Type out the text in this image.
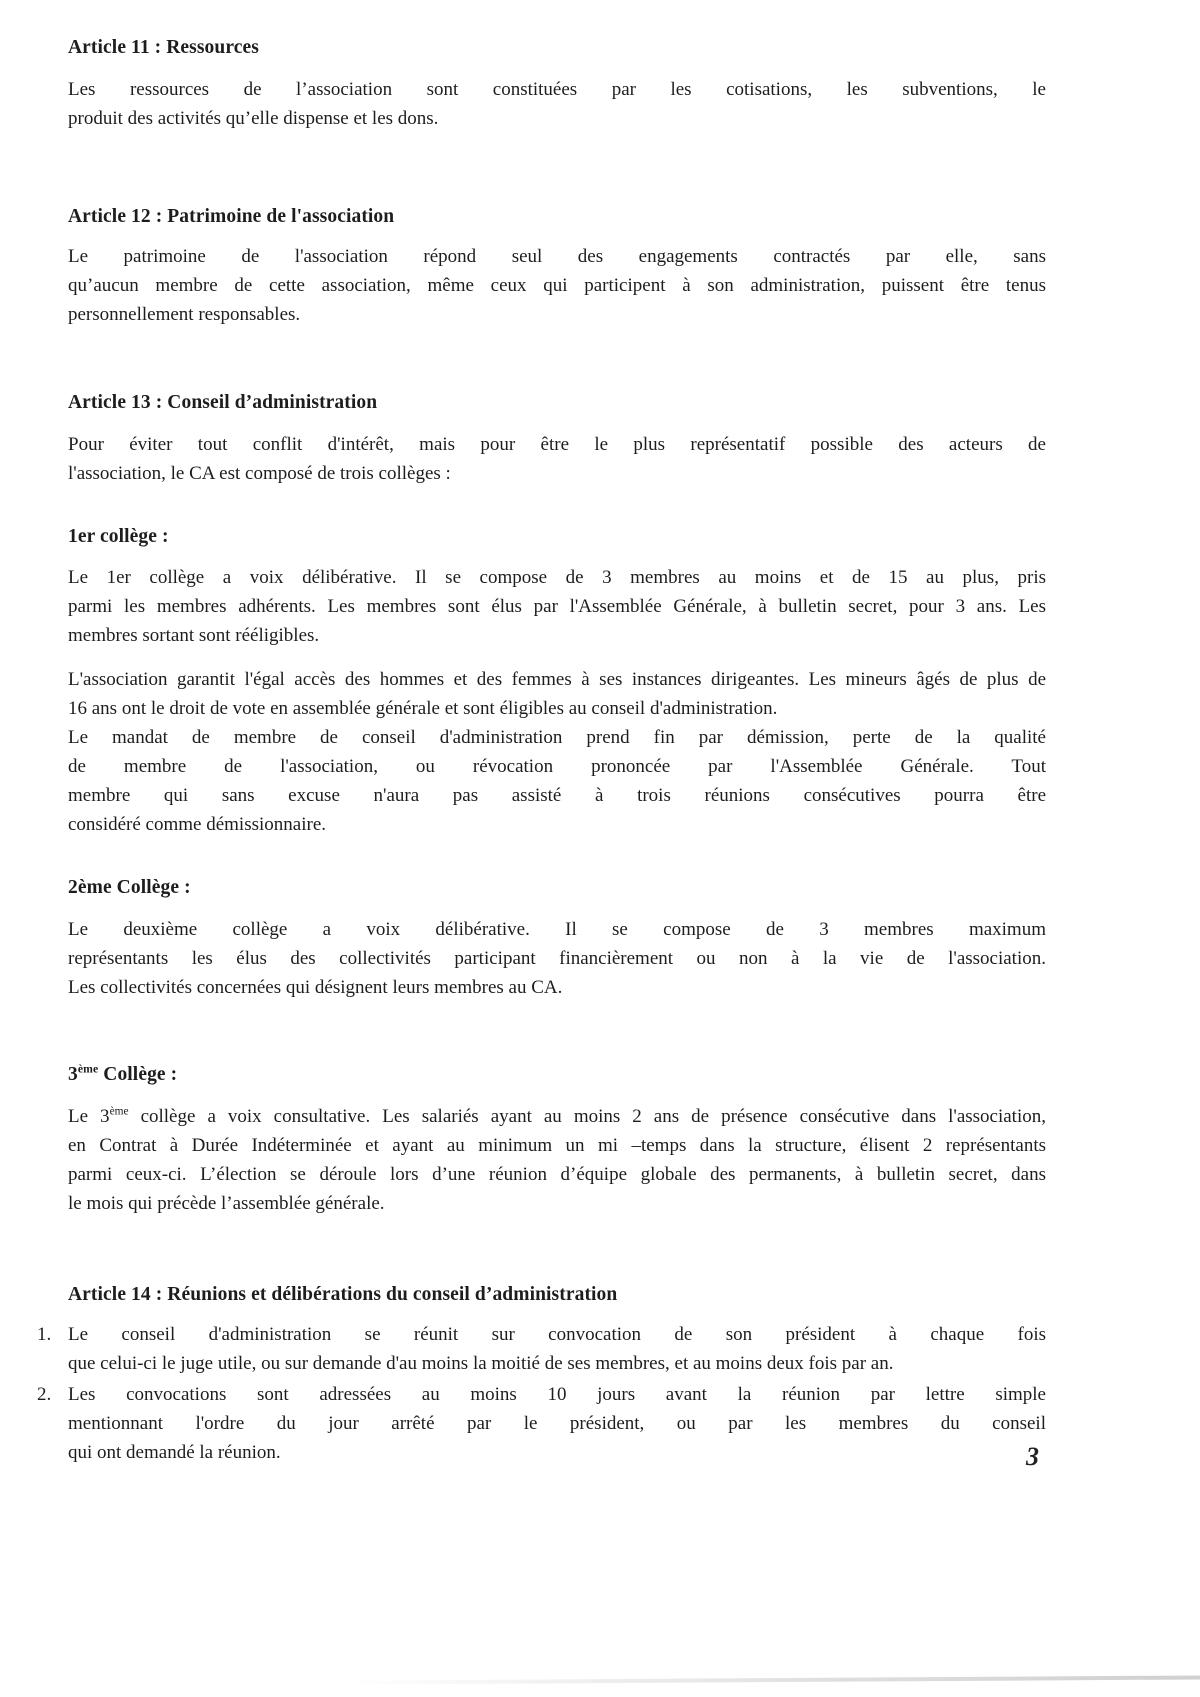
Article 11 : Ressources
Les ressources de l’association sont constituées par les cotisations, les subventions, le
produit des activités qu’elle dispense et les dons.
Article 12 : Patrimoine de l'association
Le patrimoine de l'association répond seul des engagements contractés par elle, sans
qu’aucun membre de cette association, même ceux qui participent à son administration, puissent être tenus
personnellement responsables.
Article 13 : Conseil d’administration
Pour éviter tout conflit d'intérêt, mais pour être le plus représentatif possible des acteurs de
l'association, le CA est composé de trois collèges :
1er collège :
Le 1er collège a voix délibérative. Il se compose de 3 membres au moins et de 15 au plus, pris
parmi les membres adhérents. Les membres sont élus par l'Assemblée Générale, à bulletin secret, pour 3 ans. Les
membres sortant sont rééligibles.
L'association garantit l'égal accès des hommes et des femmes à ses instances dirigeantes. Les mineurs âgés de plus de
16 ans ont le droit de vote en assemblée générale et sont éligibles au conseil d'administration.
Le mandat de membre de conseil d'administration prend fin par démission, perte de la qualité
de membre de l'association, ou révocation prononcée par l'Assemblée Générale. Tout
membre qui sans excuse n'aura pas assisté à trois réunions consécutives pourra être
considéré comme démissionnaire.
2ème Collège :
Le deuxième collège a voix délibérative. Il se compose de 3 membres maximum
représentants les élus des collectivités participant financièrement ou non à la vie de l'association.
Les collectivités concernées qui désignent leurs membres au CA.
3ème Collège :
Le 3ème collège a voix consultative. Les salariés ayant au moins 2 ans de présence consécutive dans l'association,
en Contrat à Durée Indéterminée et ayant au minimum un mi –temps dans la structure, élisent 2 représentants
parmi ceux-ci. L’élection se déroule lors d’une réunion d’équipe globale des permanents, à bulletin secret, dans
le mois qui précède l’assemblée générale.
Article 14 : Réunions et délibérations du conseil d’administration
1. Le conseil d'administration se réunit sur convocation de son président à chaque fois
que celui-ci le juge utile, ou sur demande d'au moins la moitié de ses membres, et au moins deux fois par an.
2. Les convocations sont adressées au moins 10 jours avant la réunion par lettre simple
mentionnant l'ordre du jour arrêté par le président, ou par les membres du conseil
qui ont demandé la réunion.	3
